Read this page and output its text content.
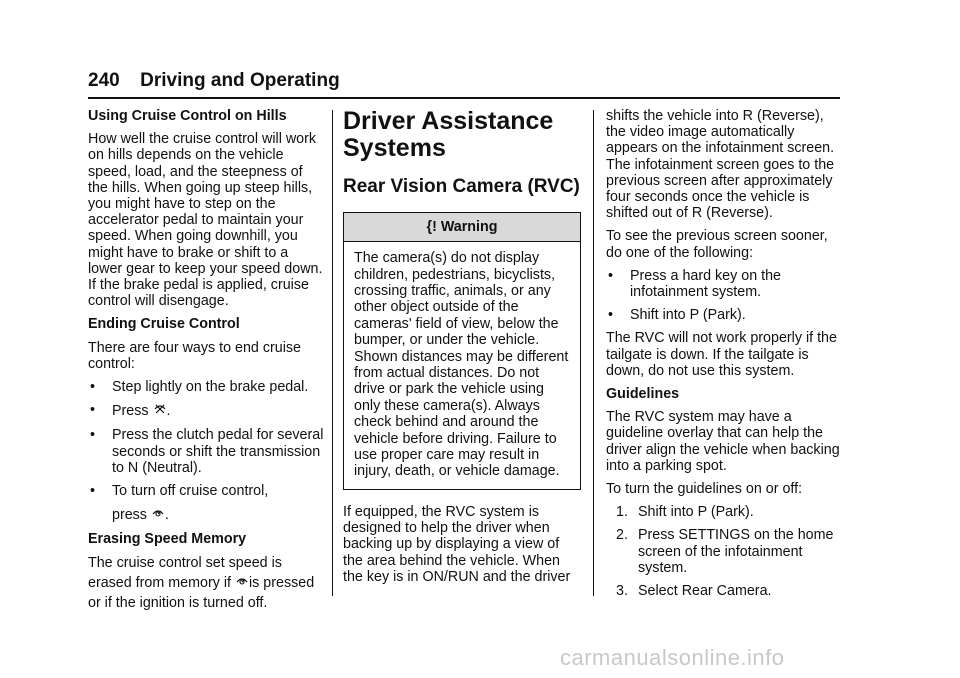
240 Driving and Operating
Using Cruise Control on Hills

How well the cruise control will work on hills depends on the vehicle speed, load, and the steepness of the hills. When going up steep hills, you might have to step on the accelerator pedal to maintain your speed. When going downhill, you might have to brake or shift to a lower gear to keep your speed down. If the brake pedal is applied, cruise control will disengage.

Ending Cruise Control

There are four ways to end cruise control:

•	Step lightly on the brake pedal.
•	Press .
•	Press the clutch pedal for several seconds or shift the transmission to N (Neutral).
•	To turn off cruise control,
press .
Erasing Speed Memory

The cruise control set speed is

erased from memory if is pressed

or if the ignition is turned off.

Driver Assistance Systems
Rear Vision Camera (RVC)
{! Warning
The camera(s) do not display children, pedestrians, bicyclists, crossing traffic, animals, or any other object outside of the cameras' field of view, below the bumper, or under the vehicle. Shown distances may be different from actual distances. Do not drive or park the vehicle using only these camera(s). Always check behind and around the vehicle before driving. Failure to use proper care may result in injury, death, or vehicle damage.

If equipped, the RVC system is designed to help the driver when backing up by displaying a view of the area behind the vehicle. When the key is in ON/RUN and the driver

shifts the vehicle into R (Reverse), the video image automatically appears on the infotainment screen. The infotainment screen goes to the previous screen after approximately four seconds once the vehicle is shifted out of R (Reverse).

To see the previous screen sooner, do one of the following:

•	Press a hard key on the infotainment system.
•	Shift into P (Park).

The RVC will not work properly if the tailgate is down. If the tailgate is down, do not use this system.

Guidelines

The RVC system may have a guideline overlay that can help the driver align the vehicle when backing into a parking spot.

To turn the guidelines on or off:

1. Shift into P (Park).
2. Press SETTINGS on the home screen of the infotainment system.
3. Select Rear Camera.
carmanualsonline.info
